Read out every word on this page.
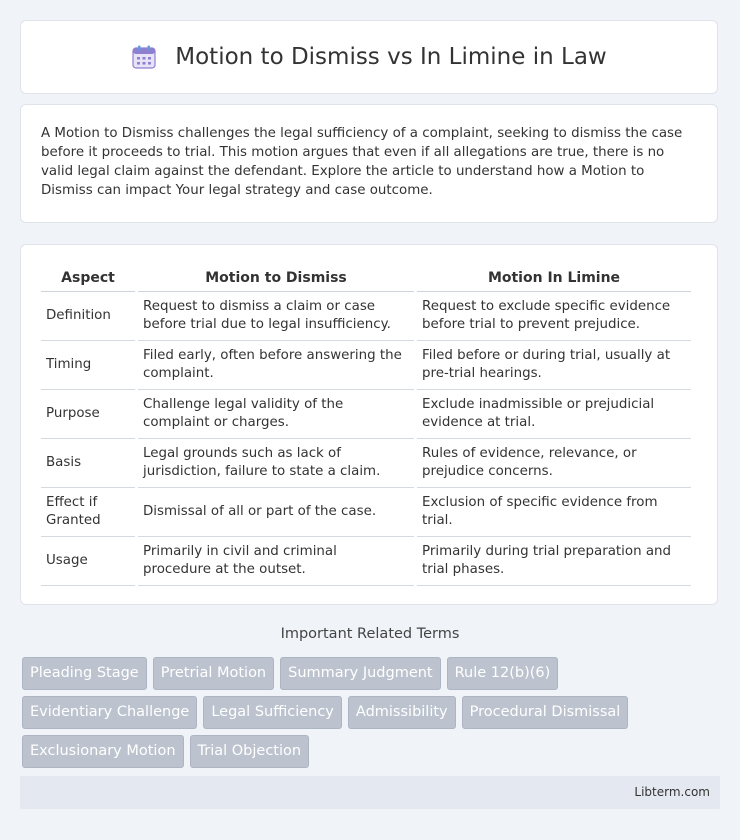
Motion to Dismiss vs In Limine in Law

A Motion to Dismiss challenges the legal sufficiency of a complaint, seeking to dismiss the case before it proceeds to trial. This motion argues that even if all allegations are true, there is no valid legal claim against the defendant. Explore the article to understand how a Motion to Dismiss can impact Your legal strategy and case outcome.

Aspect	Motion to Dismiss	Motion In Limine
Definition	Request to dismiss a claim or case before trial due to legal insufficiency.	Request to exclude specific evidence before trial to prevent prejudice.
Timing	Filed early, often before answering the complaint.	Filed before or during trial, usually at pre-trial hearings.
Purpose	Challenge legal validity of the complaint or charges.	Exclude inadmissible or prejudicial evidence at trial.
Basis	Legal grounds such as lack of jurisdiction, failure to state a claim.	Rules of evidence, relevance, or prejudice concerns.
Effect if Granted	Dismissal of all or part of the case.	Exclusion of specific evidence from trial.
Usage	Primarily in civil and criminal procedure at the outset.	Primarily during trial preparation and trial phases.
Important Related Terms
Pleading Stage Pretrial Motion Summary Judgment Rule 12(b)(6)
Evidentiary Challenge Legal Sufficiency Admissibility Procedural Dismissal
Exclusionary Motion Trial Objection
Libterm.com
